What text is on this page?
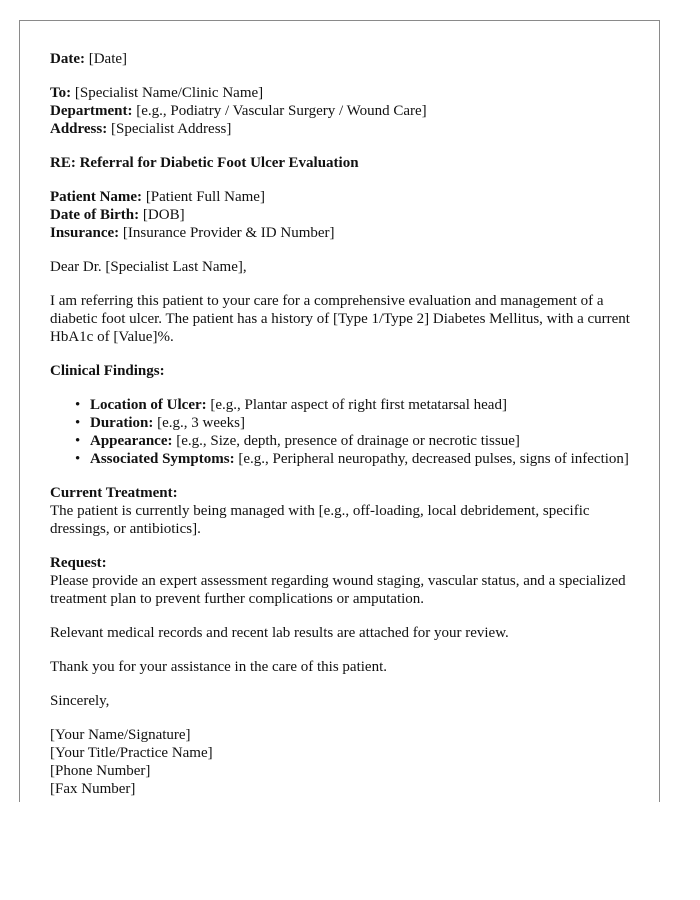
Date: [Date]

To: [Specialist Name/Clinic Name]

Department: [e.g., Podiatry / Vascular Surgery / Wound Care]

Address: [Specialist Address]

RE: Referral for Diabetic Foot Ulcer Evaluation

Patient Name: [Patient Full Name]

Date of Birth: [DOB]

Insurance: [Insurance Provider & ID Number]

Dear Dr. [Specialist Last Name],

I am referring this patient to your care for a comprehensive evaluation and management of a diabetic foot ulcer. The patient has a history of [Type 1/Type 2] Diabetes Mellitus, with a current HbA1c of [Value]%.

Clinical Findings:

• Location of Ulcer: [e.g., Plantar aspect of right first metatarsal head]
• Duration: [e.g., 3 weeks]
• Appearance: [e.g., Size, depth, presence of drainage or necrotic tissue]
• Associated Symptoms: [e.g., Peripheral neuropathy, decreased pulses, signs of infection]

Current Treatment:

The patient is currently being managed with [e.g., off-loading, local debridement, specific dressings, or antibiotics].

Request:

Please provide an expert assessment regarding wound staging, vascular status, and a specialized treatment plan to prevent further complications or amputation.

Relevant medical records and recent lab results are attached for your review.

Thank you for your assistance in the care of this patient.

Sincerely,

[Your Name/Signature]

[Your Title/Practice Name]

[Phone Number]

[Fax Number]
